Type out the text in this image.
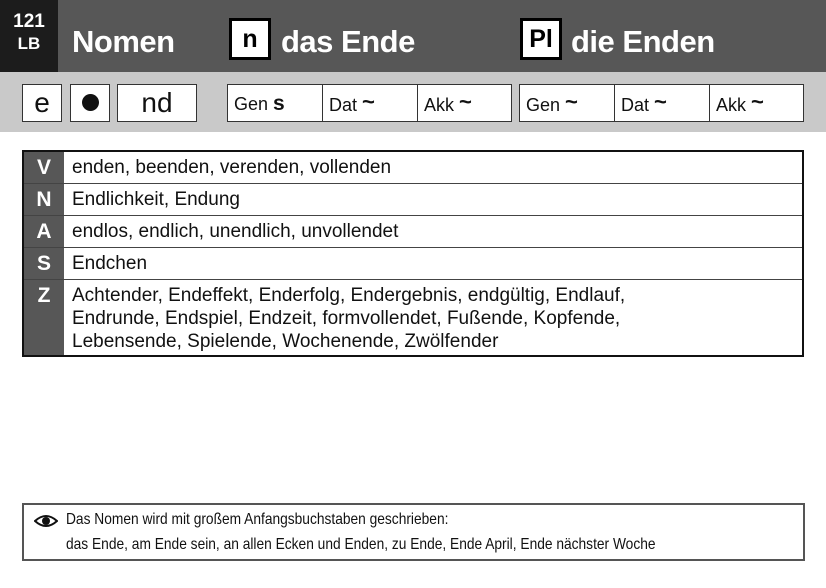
121
LB	Nomen	n das Ende	Pl die Enden
e	nd	Gen s	Dat ~	Akk ~	Gen ~	Dat ~	Akk ~
V	enden, beenden, verenden, vollenden
N	Endlichkeit, Endung
A	endlos, endlich, unendlich, unvollendet
S	Endchen
Z	Achtender, Endeffekt, Enderfolg, Endergebnis, endgültig, Endlauf,
Endrunde, Endspiel, Endzeit, formvollendet, Fußende, Kopfende,
Lebensende, Spielende, Wochenende, Zwölfender
Das Nomen wird mit großem Anfangsbuchstaben geschrieben:
das Ende, am Ende sein, an allen Ecken und Enden, zu Ende, Ende April, Ende nächster Woche
